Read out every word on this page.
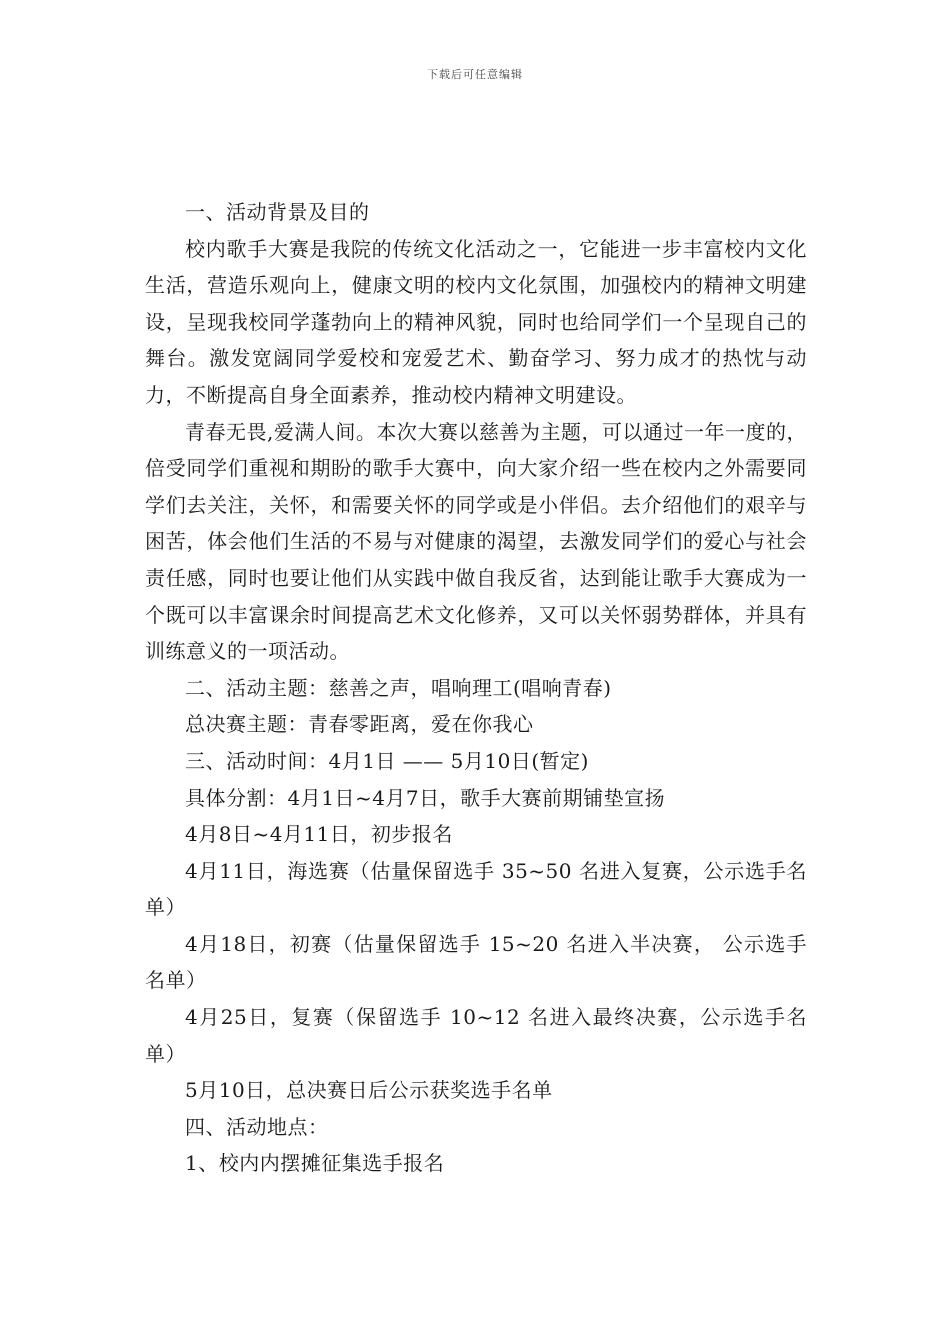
下载后可任意编辑

一、活动背景及目的

校内歌手大赛是我院的传统文化活动之一，它能进一步丰富校内文化生活，营造乐观向上，健康文明的校内文化氛围，加强校内的精神文明建设，呈现我校同学蓬勃向上的精神风貌，同时也给同学们一个呈现自己的舞台。激发宽阔同学爱校和宠爱艺术、勤奋学习、努力成才的热忱与动力，不断提高自身全面素养，推动校内精神文明建设。

青春无畏,爱满人间。本次大赛以慈善为主题，可以通过一年一度的，倍受同学们重视和期盼的歌手大赛中，向大家介绍一些在校内之外需要同学们去关注，关怀，和需要关怀的同学或是小伴侣。去介绍他们的艰辛与困苦，体会他们生活的不易与对健康的渴望，去激发同学们的爱心与社会责任感，同时也要让他们从实践中做自我反省，达到能让歌手大赛成为一个既可以丰富课余时间提高艺术文化修养，又可以关怀弱势群体，并具有训练意义的一项活动。

二、活动主题：慈善之声，唱响理工(唱响青春)

总决赛主题：青春零距离，爱在你我心

三、活动时间：4月1日 —— 5月10日(暂定)

具体分割：4月1日~4月7日，歌手大赛前期铺垫宣扬

4月8日~4月11日，初步报名

4月11日，海选赛（估量保留选手 35~50 名进入复赛，公示选手名单）

4月18日，初赛（估量保留选手 15~20 名进入半决赛， 公示选手名单）

4月25日，复赛（保留选手 10~12 名进入最终决赛，公示选手名单）

5月10日，总决赛日后公示获奖选手名单

四、活动地点：

1、校内内摆摊征集选手报名
